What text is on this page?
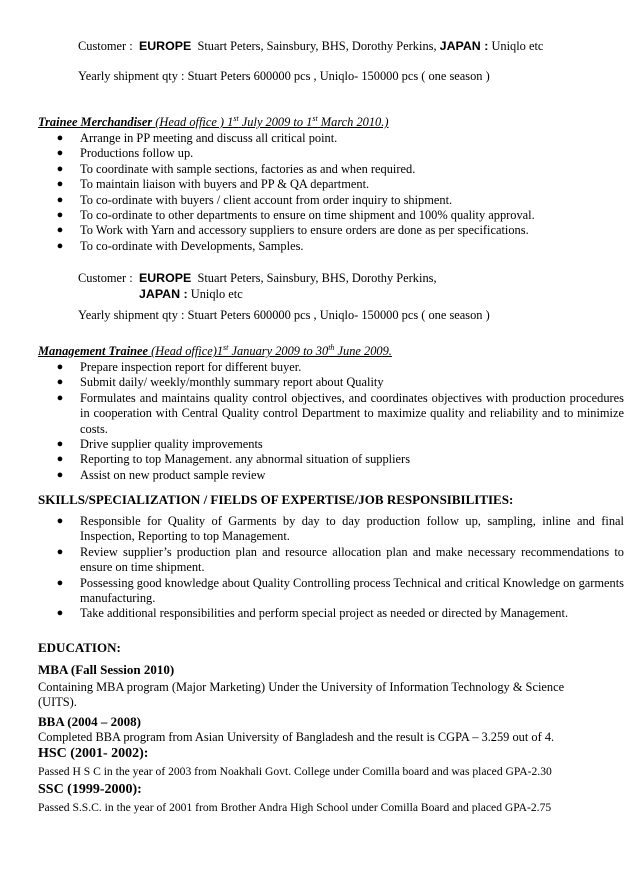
Customer : EUROPE Stuart Peters, Sainsbury, BHS, Dorothy Perkins, JAPAN : Uniqlo etc
Yearly shipment qty : Stuart Peters 600000 pcs , Uniqlo- 150000 pcs ( one season )
Trainee Merchandiser (Head office ) 1st July 2009 to 1st March 2010.)
● Arrange in PP meeting and discuss all critical point.
● Productions follow up.
● To coordinate with sample sections, factories as and when required.
● To maintain liaison with buyers and PP & QA department.
● To co-ordinate with buyers / client account from order inquiry to shipment.
● To co-ordinate to other departments to ensure on time shipment and 100% quality approval.
● To Work with Yarn and accessory suppliers to ensure orders are done as per specifications.
● To co-ordinate with Developments, Samples.
Customer : EUROPE Stuart Peters, Sainsbury, BHS, Dorothy Perkins,
JAPAN : Uniqlo etc
Yearly shipment qty : Stuart Peters 600000 pcs , Uniqlo- 150000 pcs ( one season )
Management Trainee (Head office)1st January 2009 to 30th June 2009.
● Prepare inspection report for different buyer.
● Submit daily/ weekly/monthly summary report about Quality
● Formulates and maintains quality control objectives, and coordinates objectives with production procedures in cooperation with Central Quality control Department to maximize quality and reliability and to minimize costs.
● Drive supplier quality improvements
● Reporting to top Management. any abnormal situation of suppliers
● Assist on new product sample review
SKILLS/SPECIALIZATION / FIELDS OF EXPERTISE/JOB RESPONSIBILITIES:
● Responsible for Quality of Garments by day to day production follow up, sampling, inline and final Inspection, Reporting to top Management.
● Review supplier’s production plan and resource allocation plan and make necessary recommendations to ensure on time shipment.
● Possessing good knowledge about Quality Controlling process Technical and critical Knowledge on garments manufacturing.
● Take additional responsibilities and perform special project as needed or directed by Management.
EDUCATION:
MBA (Fall Session 2010)
Containing MBA program (Major Marketing) Under the University of Information Technology & Science (UITS).
BBA (2004 – 2008)
Completed BBA program from Asian University of Bangladesh and the result is CGPA – 3.259 out of 4.
HSC (2001- 2002):
Passed H S C in the year of 2003 from Noakhali Govt. College under Comilla board and was placed GPA-2.30
SSC (1999-2000):
Passed S.S.C. in the year of 2001 from Brother Andra High School under Comilla Board and placed GPA-2.75
